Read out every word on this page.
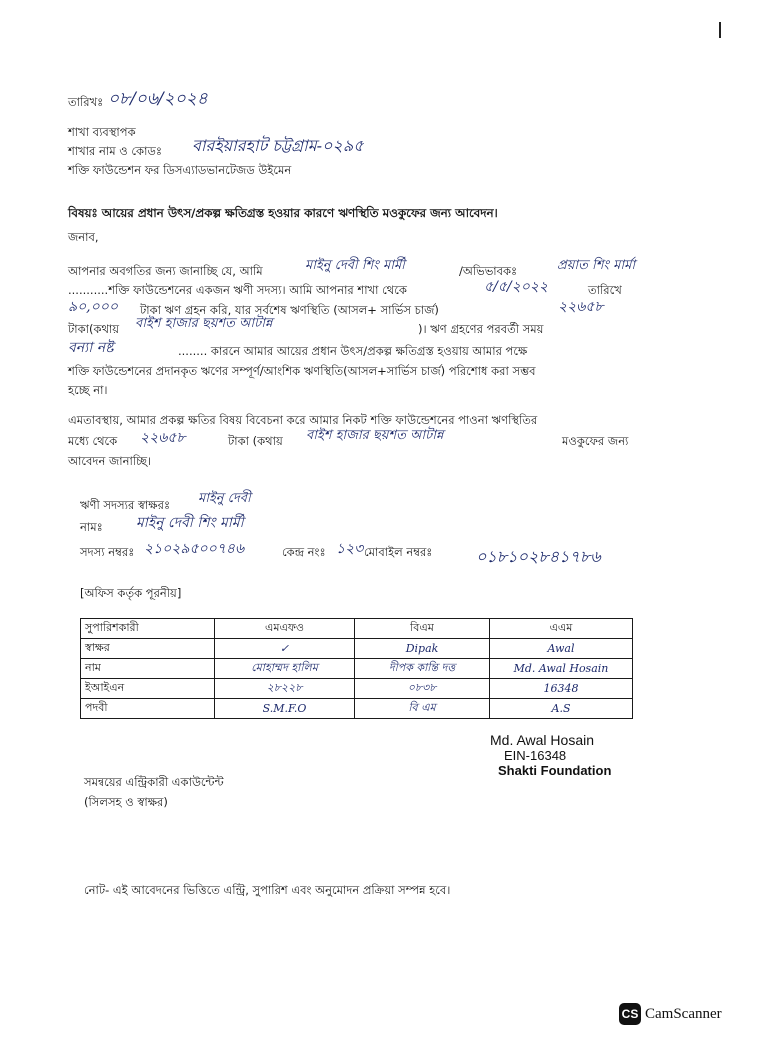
তারিখঃ ০৮/০৬/২০২৪
শাখা ব্যবস্থাপক
শাখার নাম ও কোডঃ বারইয়ারহাট চট্টগ্রাম-০২৯৫
শক্তি ফাউন্ডেশন ফর ডিসএ্যাডভানটেজড উইমেন
বিষয়ঃ আয়ের প্রধান উৎস/প্রকল্প ক্ষতিগ্রস্ত হওয়ার কারণে ঋণস্থিতি মওকুফের জন্য আবেদন।
জনাব,
আপনার অবগতির জন্য জানাচ্ছি যে, আমি	মাইনু দেবী শিং মার্মী	/অভিভাবকঃ	প্রয়াত শিং মার্মা
...........শক্তি ফাউন্ডেশনের একজন ঋণী সদস্য। আমি আপনার শাখা থেকে	৫/৫/২০২২	তারিখে
৯০,০০০ টাকা ঋণ গ্রহন করি, যার সর্বশেষ ঋণস্থিতি (আসল+ সার্ভিস চার্জ)	২২৬৫৮
টাকা(কথায় বাইশ হাজার ছয়শত আটান্ন	)। ঋণ গ্রহণের পরবর্তী সময়
বন্যা নষ্ট	........ কারনে আমার আয়ের প্রধান উৎস/প্রকল্প ক্ষতিগ্রস্ত হওয়ায় আমার পক্ষে
শক্তি ফাউন্ডেশনের প্রদানকৃত ঋণের সম্পূর্ণ/আংশিক ঋণস্থিতি(আসল+সার্ভিস চার্জ) পরিশোধ করা সম্ভব
হচ্ছে না।
এমতাবস্থায়, আমার প্রকল্প ক্ষতির বিষয় বিবেচনা করে আমার নিকট শক্তি ফাউন্ডেশনের পাওনা ঋণস্থিতির
মধ্যে থেকে ২২৬৫৮	টাকা (কথায় বাইশ হাজার ছয়শত আটান্ন	মওকুফের জন্য
আবেদন জানাচ্ছি।
ঋণী সদস্যর স্বাক্ষরঃ মাইনু দেবী
নামঃ মাইনু দেবী শিং মার্মী
সদস্য নম্বরঃ ২১০২৯৫০০৭৪৬	কেন্দ্র নংঃ ১২৩ মোবাইল নম্বরঃ	০১৮১০২৮৪১৭৮৬
[অফিস কর্তৃক পূরনীয়]
সুপারিশকারী	এমএফও	বিএম	এএম
স্বাক্ষর	✓	Dipak	Awal
নাম	মোহাম্মদ হালিম	দীপক কান্তি দত্ত	Md. Awal Hosain
ইআইএন	২৮২২৮	০৮৩৮	16348
পদবী	S.M.F.O	বি এম	A.S
Md. Awal Hosain
EIN-16348
Shakti Foundation
সমন্বয়ের এন্ট্রিকারী একাউন্টেন্ট
(সিলসহ ও স্বাক্ষর)
নোট- এই আবেদনের ভিত্তিতে এন্ট্রি, সুপারিশ এবং অনুমোদন প্রক্রিয়া সম্পন্ন হবে।
CS CamScanner
